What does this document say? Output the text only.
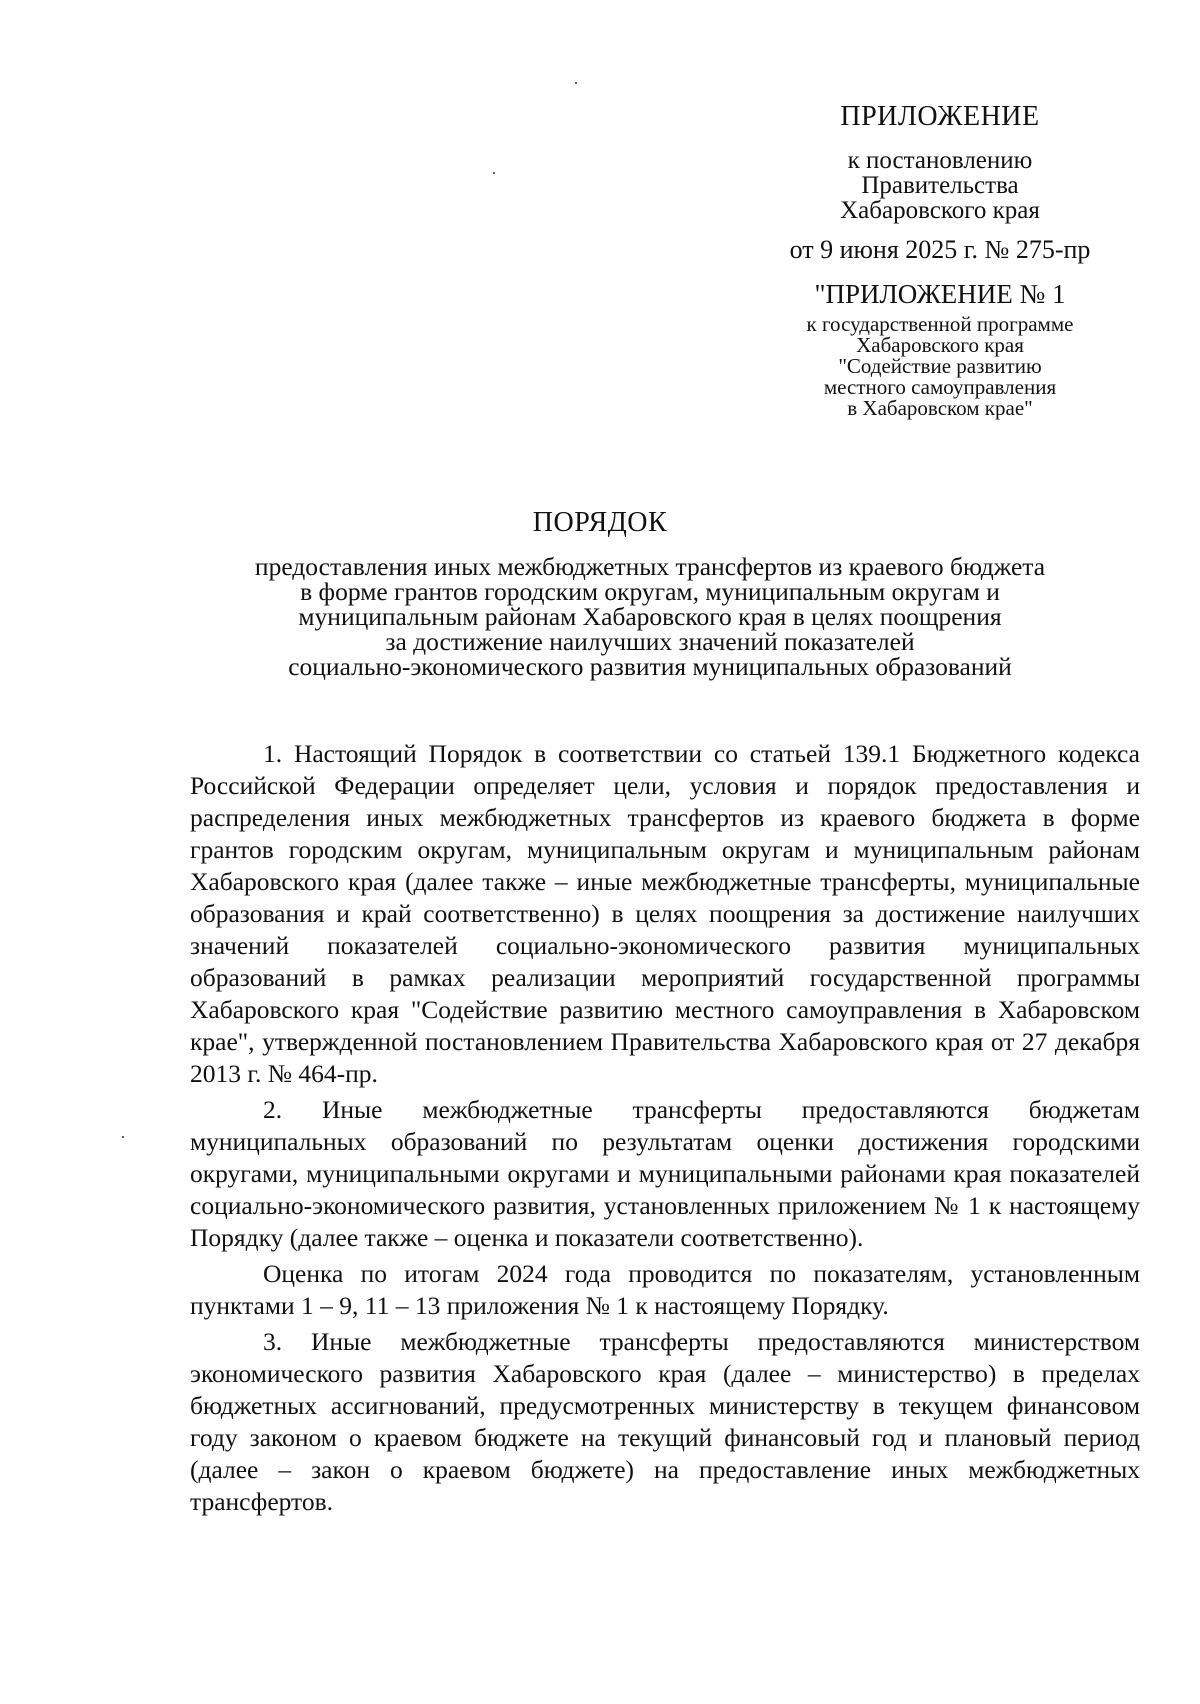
ПРИЛОЖЕНИЕ

к постановлению

Правительства

Хабаровского края

от 9 июня 2025 г. № 275-пр

"ПРИЛОЖЕНИЕ № 1

к государственной программе

Хабаровского края

"Содействие развитию

местного самоуправления

в Хабаровском крае"

ПОРЯДОК
предоставления иных межбюджетных трансфертов из краевого бюджета
в форме грантов городским округам, муниципальным округам и
муниципальным районам Хабаровского края в целях поощрения
за достижение наилучших значений показателей
социально-экономического развития муниципальных образований

1. Настоящий Порядок в соответствии со статьей 139.1 Бюджетного кодекса Российской Федерации определяет цели, условия и порядок предоставления и распределения иных межбюджетных трансфертов из краевого бюджета в форме грантов городским округам, муниципальным округам и муниципальным районам Хабаровского края (далее также – иные межбюджетные трансферты, муниципальные образования и край соответственно) в целях поощрения за достижение наилучших значений показателей социально-экономического развития муниципальных образований в рамках реализации мероприятий государственной программы Хабаровского края "Содействие развитию местного самоуправления в Хабаровском крае", утвержденной постановлением Правительства Хабаровского края от 27 декабря 2013 г. № 464-пр.

2. Иные межбюджетные трансферты предоставляются бюджетам муниципальных образований по результатам оценки достижения городскими округами, муниципальными округами и муниципальными районами края показателей социально-экономического развития, установленных приложением № 1 к настоящему Порядку (далее также – оценка и показатели соответственно).

Оценка по итогам 2024 года проводится по показателям, установленным пунктами 1 – 9, 11 – 13 приложения № 1 к настоящему Порядку.

3. Иные межбюджетные трансферты предоставляются министерством экономического развития Хабаровского края (далее – министерство) в пределах бюджетных ассигнований, предусмотренных министерству в текущем финансовом году законом о краевом бюджете на текущий финансовый год и плановый период (далее – закон о краевом бюджете) на предоставление иных межбюджетных трансфертов.
